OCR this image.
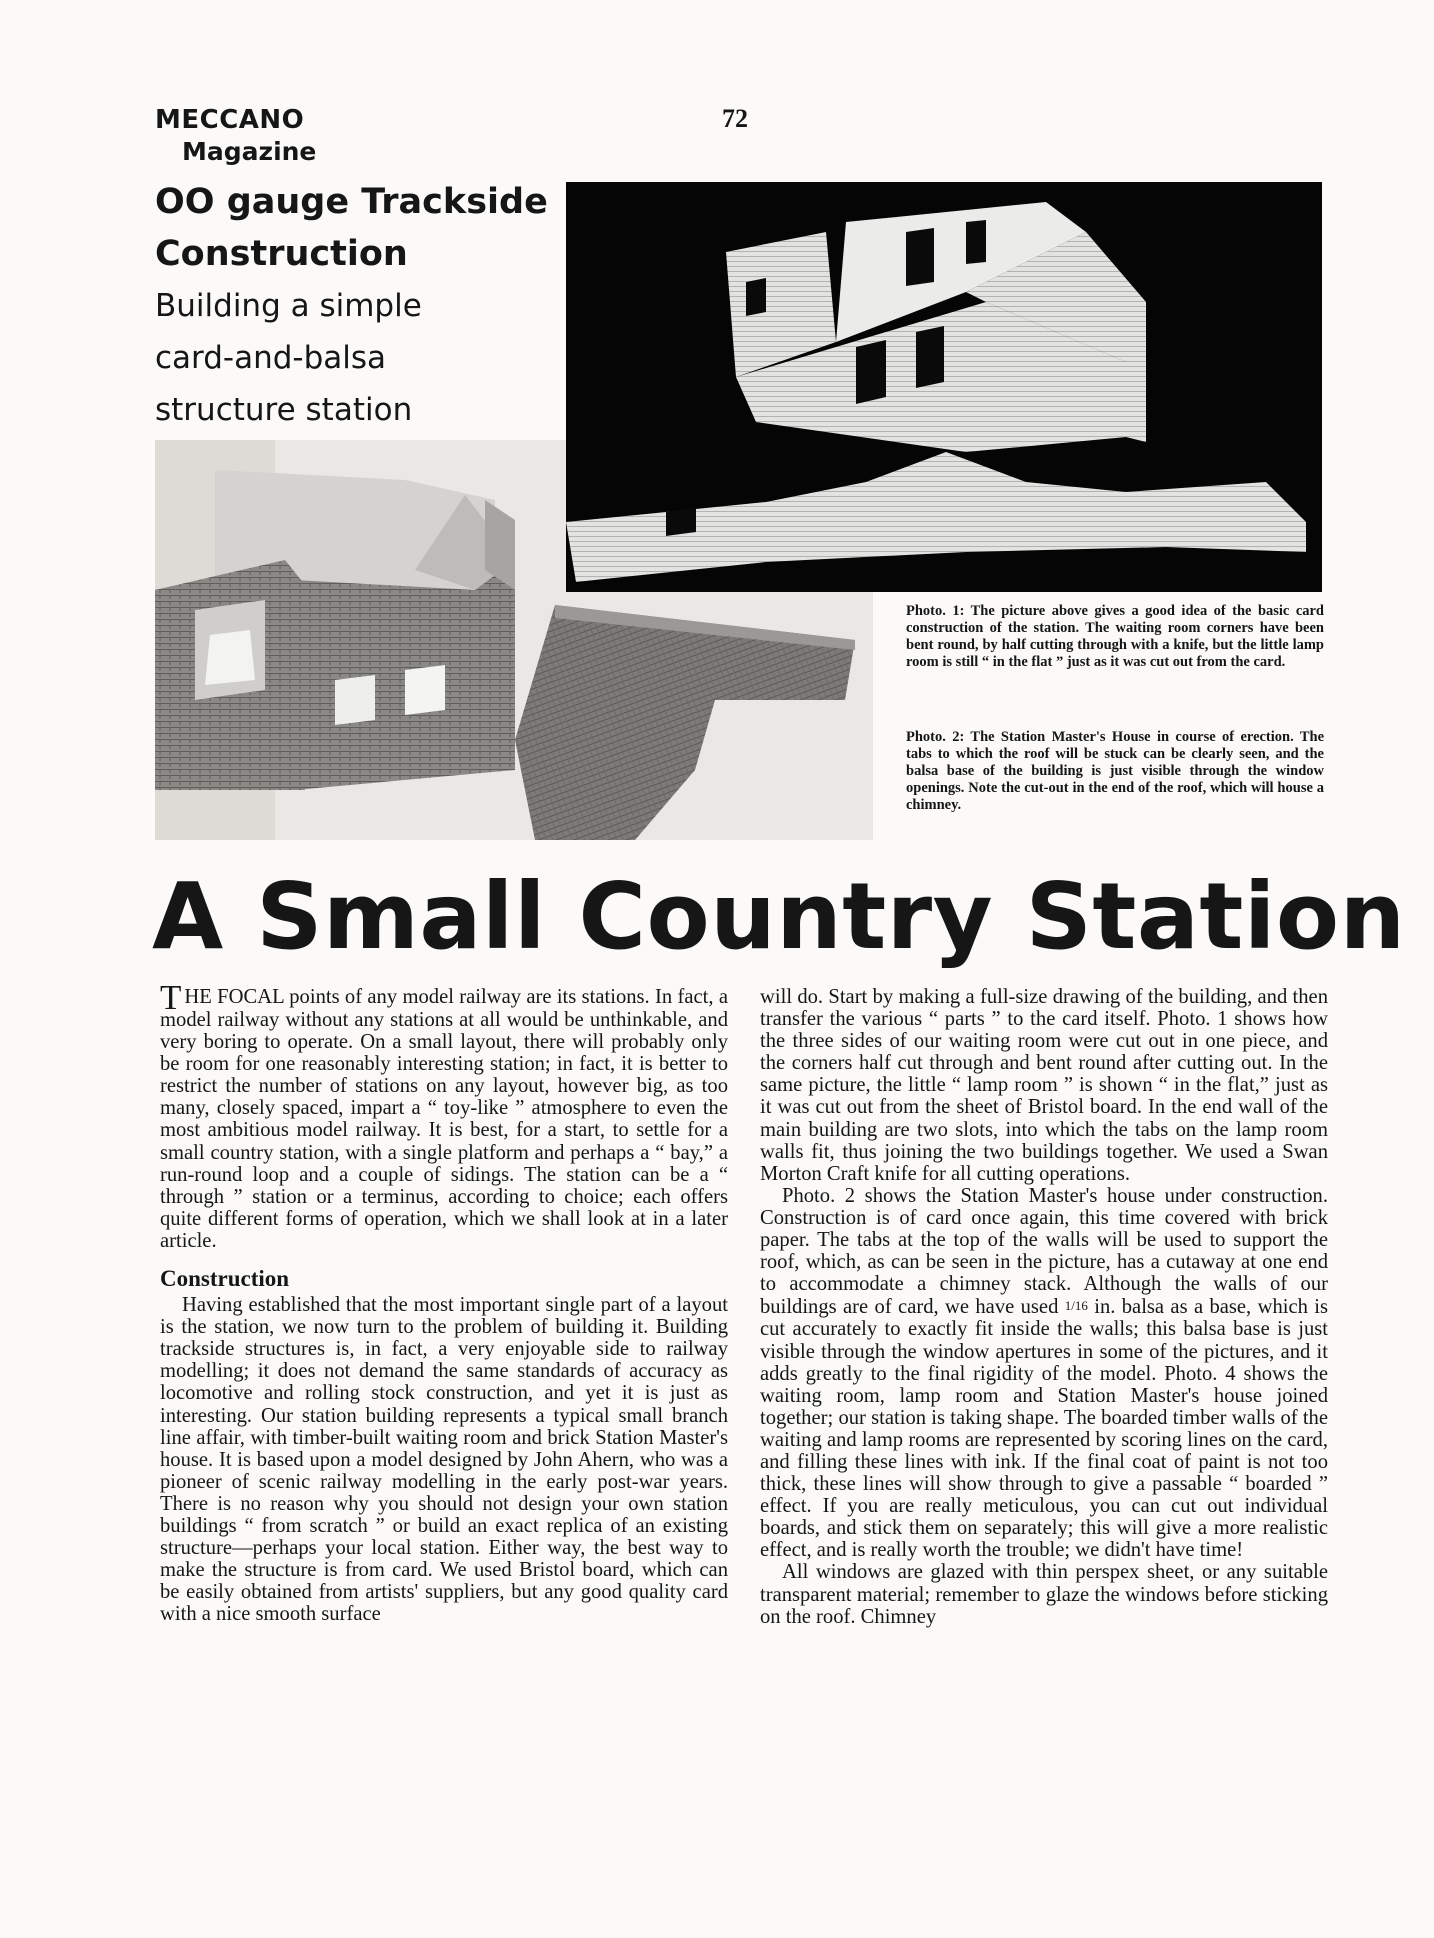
MECCANO
Magazine
72
OO gauge Trackside
Construction
Building a simple
card-and-balsa
structure station
Photo. 1: The picture above gives a good idea of the basic card construction of the station. The waiting room corners have been bent round, by half cutting through with a knife, but the little lamp room is still “ in the flat ” just as it was cut out from the card.
Photo. 2: The Station Master's House in course of erection. The tabs to which the roof will be stuck can be clearly seen, and the balsa base of the building is just visible through the window openings. Note the cut-out in the end of the roof, which will house a chimney.
A Small Country Station

THE FOCAL points of any model railway are its stations. In fact, a model railway without any stations at all would be unthinkable, and very boring to operate. On a small layout, there will probably only be room for one reasonably interesting station; in fact, it is better to restrict the number of stations on any layout, however big, as too many, closely spaced, impart a “ toy-like ” atmosphere to even the most ambitious model railway. It is best, for a start, to settle for a small country station, with a single platform and perhaps a “ bay,” a run-round loop and a couple of sidings. The station can be a “ through ” station or a terminus, according to choice; each offers quite different forms of operation, which we shall look at in a later article.

Construction

Having established that the most important single part of a layout is the station, we now turn to the problem of building it. Building trackside structures is, in fact, a very enjoyable side to railway modelling; it does not demand the same standards of accuracy as locomotive and rolling stock construction, and yet it is just as interesting. Our station building represents a typical small branch line affair, with timber-built waiting room and brick Station Master's house. It is based upon a model designed by John Ahern, who was a pioneer of scenic railway modelling in the early post-war years. There is no reason why you should not design your own station buildings “ from scratch ” or build an exact replica of an existing structure—perhaps your local station. Either way, the best way to make the structure is from card. We used Bristol board, which can be easily obtained from artists' suppliers, but any good quality card with a nice smooth surface

will do. Start by making a full-size drawing of the building, and then transfer the various “ parts ” to the card itself. Photo. 1 shows how the three sides of our waiting room were cut out in one piece, and the corners half cut through and bent round after cutting out. In the same picture, the little “ lamp room ” is shown “ in the flat,” just as it was cut out from the sheet of Bristol board. In the end wall of the main building are two slots, into which the tabs on the lamp room walls fit, thus joining the two buildings together. We used a Swan Morton Craft knife for all cutting operations.

Photo. 2 shows the Station Master's house under construction. Construction is of card once again, this time covered with brick paper. The tabs at the top of the walls will be used to support the roof, which, as can be seen in the picture, has a cutaway at one end to accommodate a chimney stack. Although the walls of our buildings are of card, we have used 1/16 in. balsa as a base, which is cut accurately to exactly fit inside the walls; this balsa base is just visible through the window apertures in some of the pictures, and it adds greatly to the final rigidity of the model. Photo. 4 shows the waiting room, lamp room and Station Master's house joined together; our station is taking shape. The boarded timber walls of the waiting and lamp rooms are represented by scoring lines on the card, and filling these lines with ink. If the final coat of paint is not too thick, these lines will show through to give a passable “ boarded ” effect. If you are really meticulous, you can cut out individual boards, and stick them on separately; this will give a more realistic effect, and is really worth the trouble; we didn't have time!

All windows are glazed with thin perspex sheet, or any suitable transparent material; remember to glaze the windows before sticking on the roof. Chimney
